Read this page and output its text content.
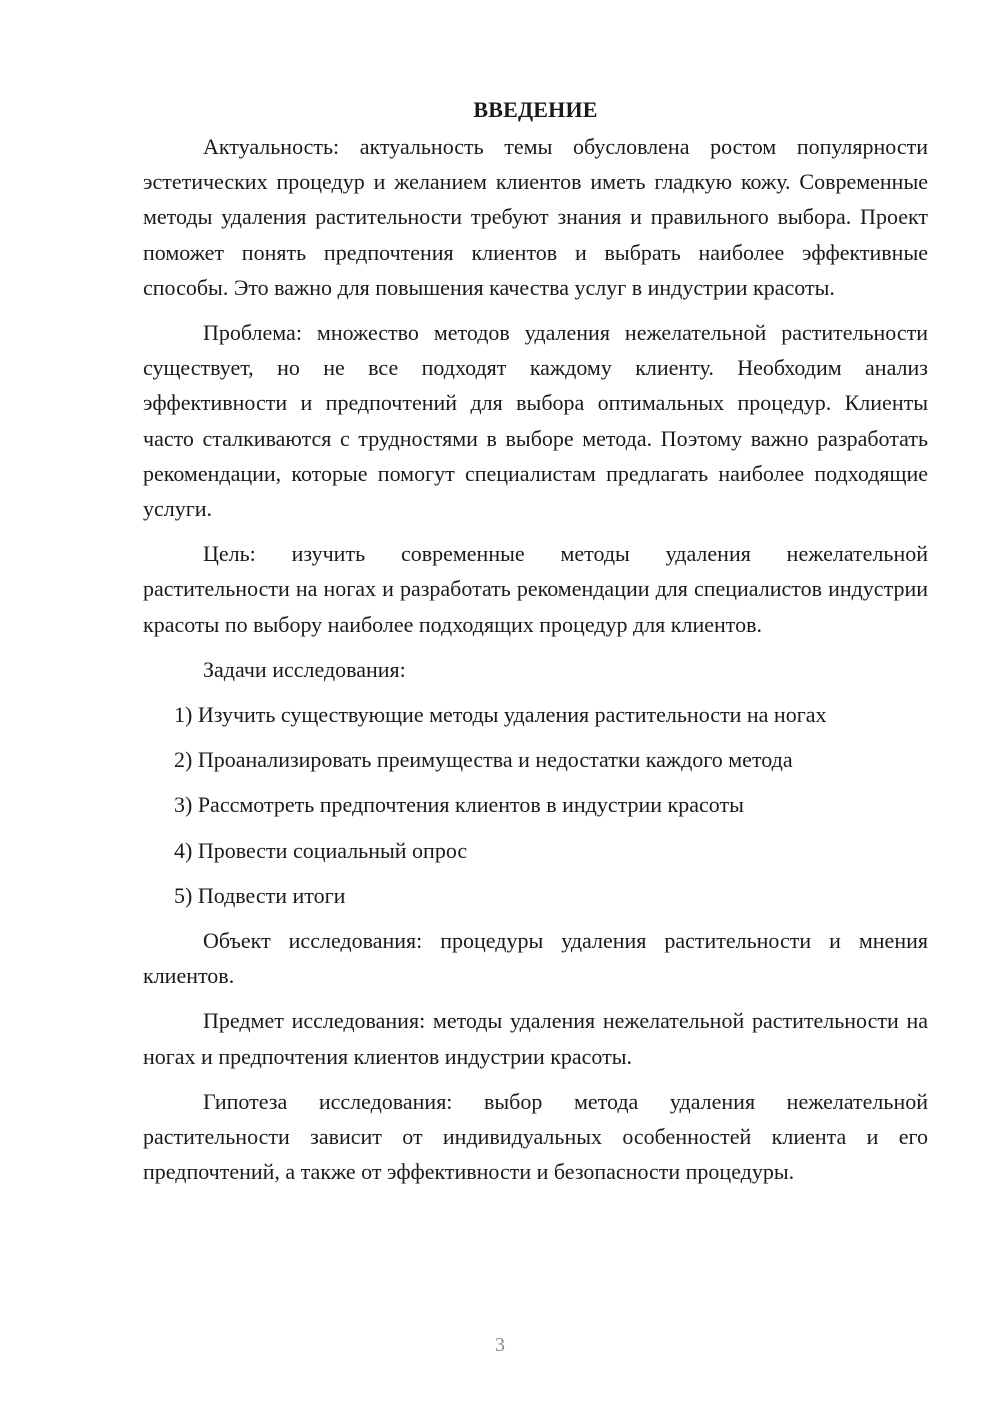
ВВЕДЕНИЕ

Актуальность: актуальность темы обусловлена ростом популярности эстетических процедур и желанием клиентов иметь гладкую кожу. Современные методы удаления растительности требуют знания и правильного выбора. Проект поможет понять предпочтения клиентов и выбрать наиболее эффективные способы. Это важно для повышения качества услуг в индустрии красоты.

Проблема: множество методов удаления нежелательной растительности существует, но не все подходят каждому клиенту. Необходим анализ эффективности и предпочтений для выбора оптимальных процедур. Клиенты часто сталкиваются с трудностями в выборе метода. Поэтому важно разработать рекомендации, которые помогут специалистам предлагать наиболее подходящие услуги.

Цель: изучить современные методы удаления нежелательной растительности на ногах и разработать рекомендации для специалистов индустрии красоты по выбору наиболее подходящих процедур для клиентов.

Задачи исследования:

1) Изучить существующие методы удаления растительности на ногах
2) Проанализировать преимущества и недостатки каждого метода
3) Рассмотреть предпочтения клиентов в индустрии красоты
4) Провести социальный опрос
5) Подвести итоги

Объект исследования: процедуры удаления растительности и мнения клиентов.

Предмет исследования: методы удаления нежелательной растительности на ногах и предпочтения клиентов индустрии красоты.

Гипотеза исследования: выбор метода удаления нежелательной растительности зависит от индивидуальных особенностей клиента и его предпочтений, а также от эффективности и безопасности процедуры.

3
